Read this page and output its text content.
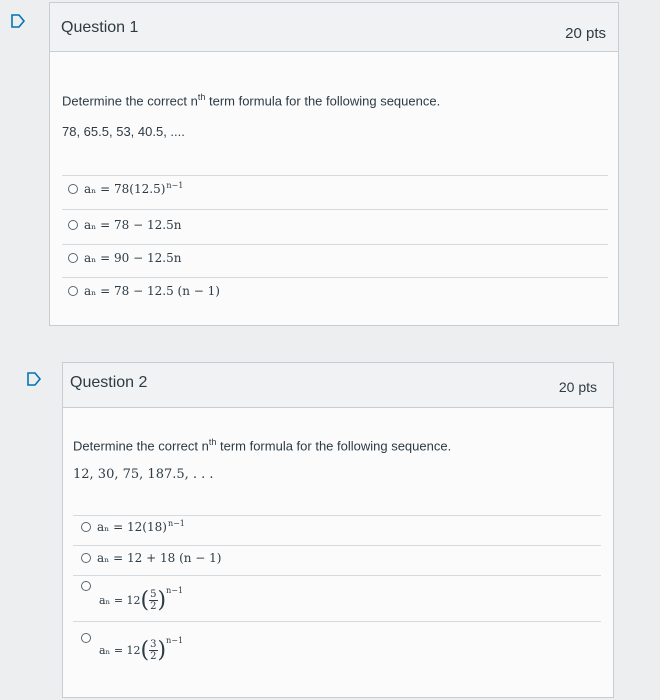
Question 1	20 pts
Determine the correct $n^{th}$ term formula for the following sequence.
78, 65.5, 53, 40.5, ....
$a_n = 78(12.5)^{n-1}$
aₙ = 78 − 12.5n
aₙ = 90 − 12.5n
aₙ = 78 − 12.5 (n − 1)
Question 2	20 pts
Determine the correct $n^{th}$ term formula for the following sequence.
12, 30, 75, 187.5, . . .
$a_n = 12(18)^{n-1}$
aₙ = 12 + 18 (n − 1)
aₙ = 12 ( 5
2 )$^{n-1}$
aₙ = 12 ( 3
2 )$^{n-1}$
